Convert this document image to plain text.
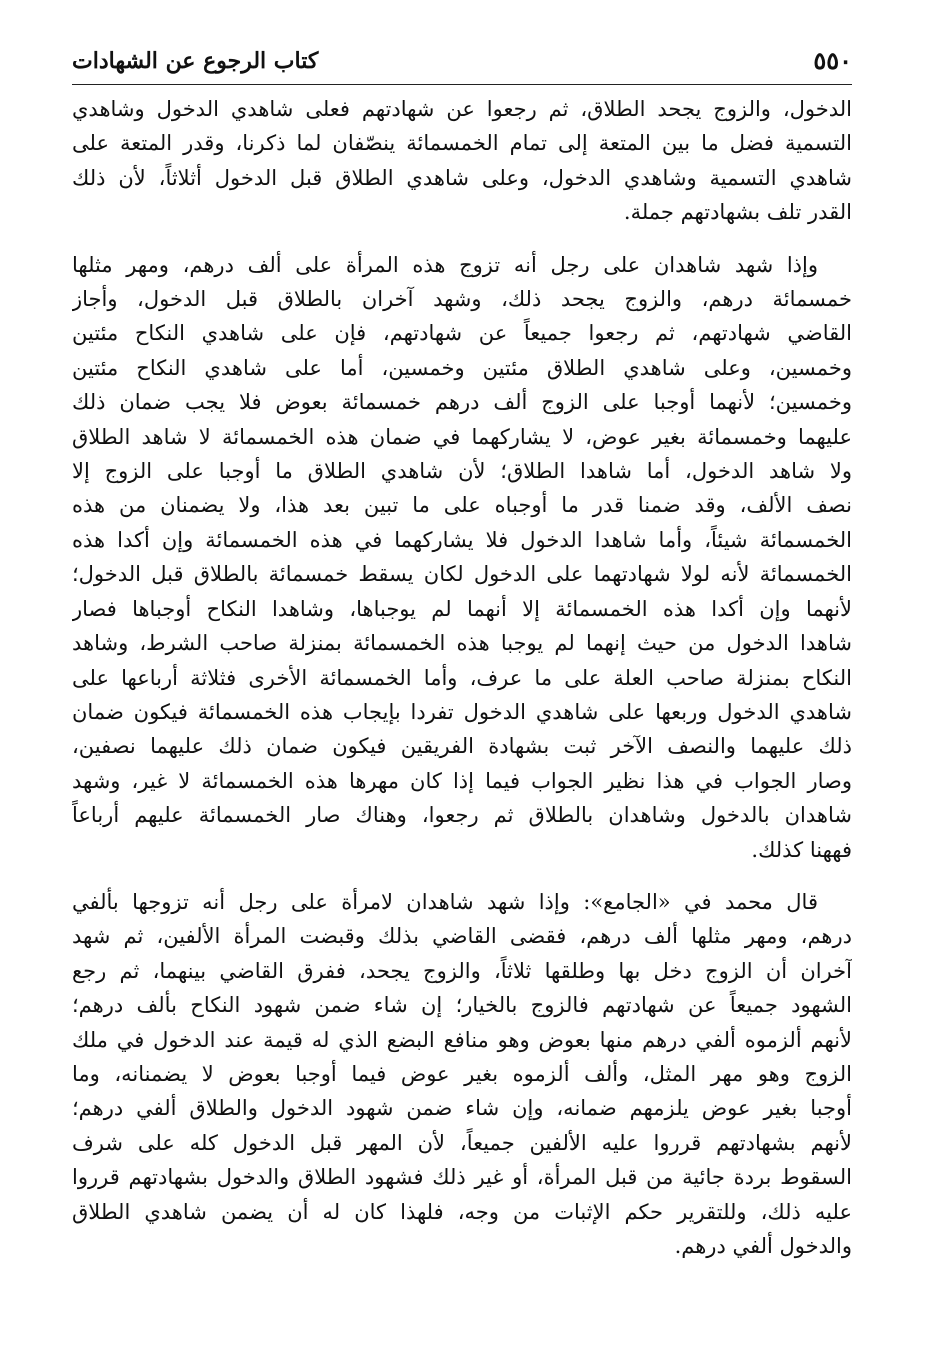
٥٥٠
كتاب الرجوع عن الشهادات

الدخول، والزوج يجحد الطلاق، ثم رجعوا عن شهادتهم فعلى شاهدي الدخول وشاهدي
التسمية فضل ما بين المتعة إلى تمام الخمسمائة ينصّفان لما ذكرنا، وقدر المتعة على
شاهدي التسمية وشاهدي الدخول، وعلى شاهدي الطلاق قبل الدخول أثلاثاً، لأن ذلك
القدر تلف بشهادتهم جملة.

وإذا شهد شاهدان على رجل أنه تزوج هذه المرأة على ألف درهم، ومهر مثلها
خمسمائة درهم، والزوج يجحد ذلك، وشهد آخران بالطلاق قبل الدخول، وأجاز
القاضي شهادتهم، ثم رجعوا جميعاً عن شهادتهم، فإن على شاهدي النكاح مئتين
وخمسين، وعلى شاهدي الطلاق مئتين وخمسين، أما على شاهدي النكاح مئتين
وخمسين؛ لأنهما أوجبا على الزوج ألف درهم خمسمائة بعوض فلا يجب ضمان ذلك
عليهما وخمسمائة بغير عوض، لا يشاركهما في ضمان هذه الخمسمائة لا شاهد الطلاق
ولا شاهد الدخول، أما شاهدا الطلاق؛ لأن شاهدي الطلاق ما أوجبا على الزوج إلا
نصف الألف، وقد ضمنا قدر ما أوجباه على ما تبين بعد هذا، ولا يضمنان من هذه
الخمسمائة شيئاً، وأما شاهدا الدخول فلا يشاركهما في هذه الخمسمائة وإن أكدا هذه
الخمسمائة لأنه لولا شهادتهما على الدخول لكان يسقط خمسمائة بالطلاق قبل الدخول؛
لأنهما وإن أكدا هذه الخمسمائة إلا أنهما لم يوجباها، وشاهدا النكاح أوجباها فصار
شاهدا الدخول من حيث إنهما لم يوجبا هذه الخمسمائة بمنزلة صاحب الشرط، وشاهد
النكاح بمنزلة صاحب العلة على ما عرف، وأما الخمسمائة الأخرى فثلاثة أرباعها على
شاهدي الدخول وربعها على شاهدي الدخول تفردا بإيجاب هذه الخمسمائة فيكون ضمان
ذلك عليهما والنصف الآخر ثبت بشهادة الفريقين فيكون ضمان ذلك عليهما نصفين،
وصار الجواب في هذا نظير الجواب فيما إذا كان مهرها هذه الخمسمائة لا غير، وشهد
شاهدان بالدخول وشاهدان بالطلاق ثم رجعوا، وهناك صار الخمسمائة عليهم أرباعاً
فههنا كذلك.

قال محمد في «الجامع»: وإذا شهد شاهدان لامرأة على رجل أنه تزوجها بألفي
درهم، ومهر مثلها ألف درهم، فقضى القاضي بذلك وقبضت المرأة الألفين، ثم شهد
آخران أن الزوج دخل بها وطلقها ثلاثاً، والزوج يجحد، ففرق القاضي بينهما، ثم رجع
الشهود جميعاً عن شهادتهم فالزوج بالخيار؛ إن شاء ضمن شهود النكاح بألف درهم؛
لأنهم ألزموه ألفي درهم منها بعوض وهو منافع البضع الذي له قيمة عند الدخول في ملك
الزوج وهو مهر المثل، وألف ألزموه بغير عوض فيما أوجبا بعوض لا يضمنانه، وما
أوجبا بغير عوض يلزمهم ضمانه، وإن شاء ضمن شهود الدخول والطلاق ألفي درهم؛
لأنهم بشهادتهم قرروا عليه الألفين جميعاً، لأن المهر قبل الدخول كله على شرف
السقوط بردة جائية من قبل المرأة، أو غير ذلك فشهود الطلاق والدخول بشهادتهم قرروا
عليه ذلك، وللتقرير حكم الإثبات من وجه، فلهذا كان له أن يضمن شاهدي الطلاق
والدخول ألفي درهم.
